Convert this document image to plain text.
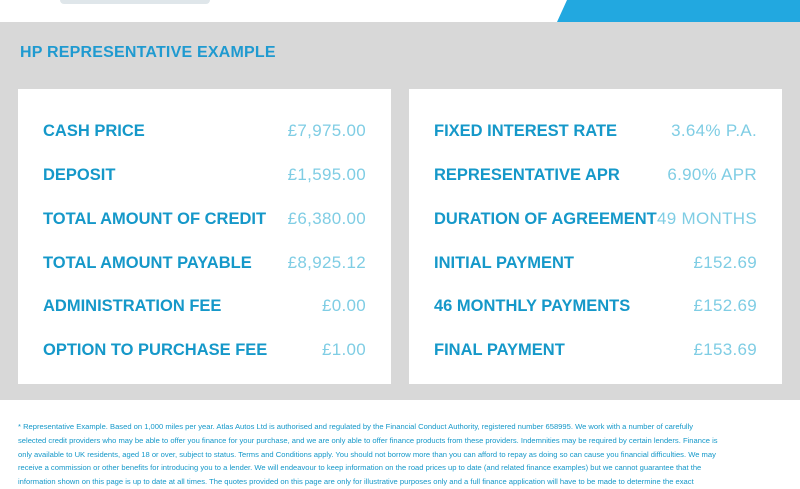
HP REPRESENTATIVE EXAMPLE
CASH PRICE	£7,975.00
DEPOSIT	£1,595.00
TOTAL AMOUNT OF CREDIT £6,380.00
TOTAL AMOUNT PAYABLE £8,925.12
ADMINISTRATION FEE	£0.00
OPTION TO PURCHASE FEE	£1.00
FIXED INTEREST RATE	3.64% P.A.
REPRESENTATIVE APR	6.90% APR
DURATION OF AGREEMENT 49 MONTHS
INITIAL PAYMENT	£152.69
46 MONTHLY PAYMENTS	£152.69
FINAL PAYMENT	£153.69

* Representative Example. Based on 1,000 miles per year. Atlas Autos Ltd is authorised and regulated by the Financial Conduct Authority, registered number 658995. We work with a number of carefully selected credit providers who may be able to offer you finance for your purchase, and we are only able to offer finance products from these providers. Indemnities may be required by certain lenders. Finance is only available to UK residents, aged 18 or over, subject to status. Terms and Conditions apply. You should not borrow more than you can afford to repay as doing so can cause you financial difficulties. We may receive a commission or other benefits for introducing you to a lender. We will endeavour to keep information on the road prices up to date (and related finance examples) but we cannot guarantee that the information shown on this page is up to date at all times. The quotes provided on this page are only for illustrative purposes only and a full finance application will have to be made to determine the exact
